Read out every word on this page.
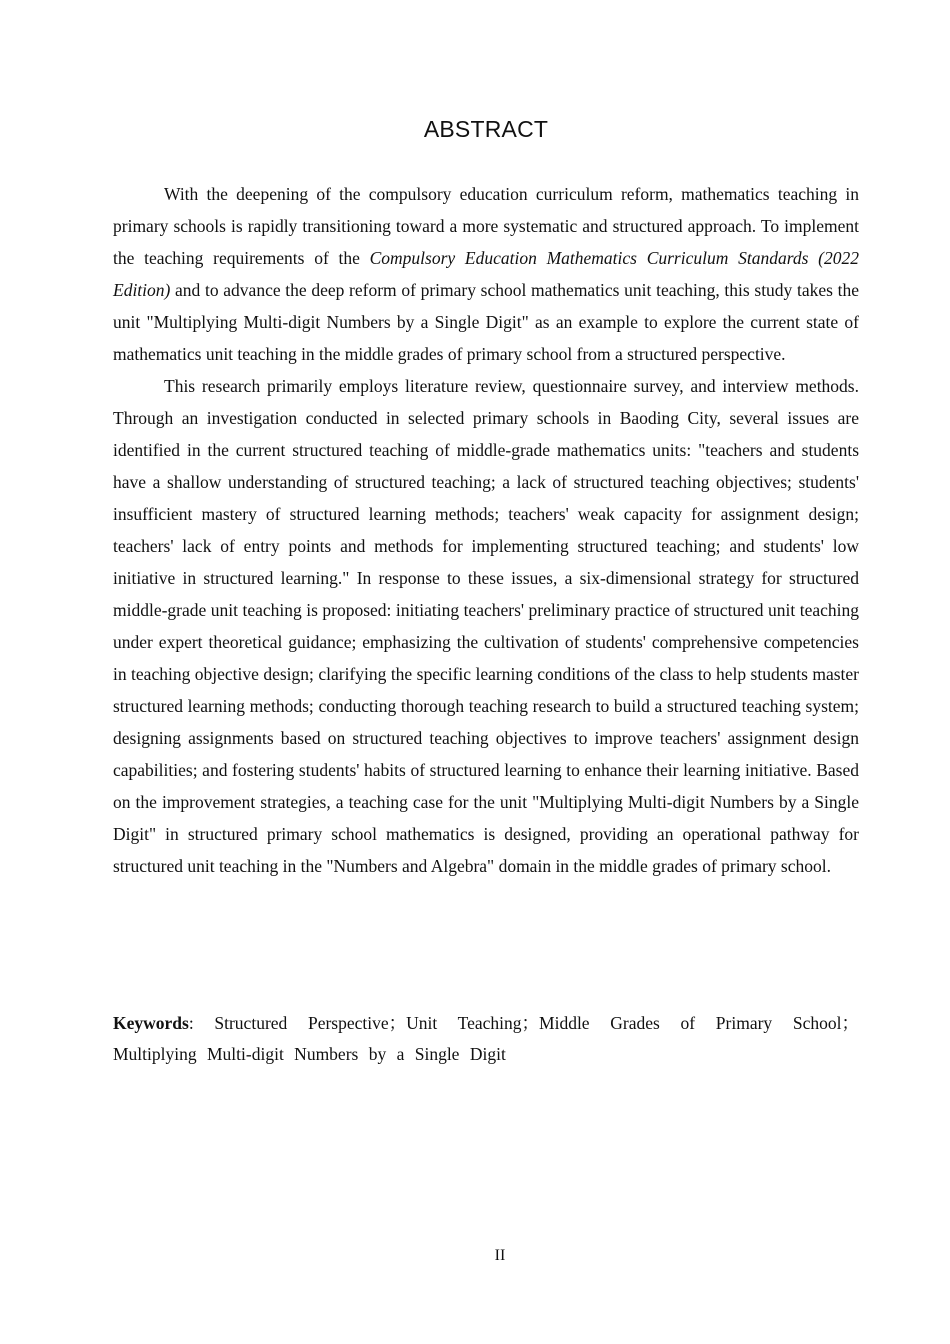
ABSTRACT

With the deepening of the compulsory education curriculum reform, mathematics teaching in primary schools is rapidly transitioning toward a more systematic and structured approach. To implement the teaching requirements of the Compulsory Education Mathematics Curriculum Standards (2022 Edition) and to advance the deep reform of primary school mathematics unit teaching, this study takes the unit "Multiplying Multi-digit Numbers by a Single Digit" as an example to explore the current state of mathematics unit teaching in the middle grades of primary school from a structured perspective.

This research primarily employs literature review, questionnaire survey, and interview methods. Through an investigation conducted in selected primary schools in Baoding City, several issues are identified in the current structured teaching of middle-grade mathematics units: "teachers and students have a shallow understanding of structured teaching; a lack of structured teaching objectives; students' insufficient mastery of structured learning methods; teachers' weak capacity for assignment design; teachers' lack of entry points and methods for implementing structured teaching; and students' low initiative in structured learning." In response to these issues, a six-dimensional strategy for structured middle-grade unit teaching is proposed: initiating teachers' preliminary practice of structured unit teaching under expert theoretical guidance; emphasizing the cultivation of students' comprehensive competencies in teaching objective design; clarifying the specific learning conditions of the class to help students master structured learning methods; conducting thorough teaching research to build a structured teaching system; designing assignments based on structured teaching objectives to improve teachers' assignment design capabilities; and fostering students' habits of structured learning to enhance their learning initiative. Based on the improvement strategies, a teaching case for the unit "Multiplying Multi-digit Numbers by a Single Digit" in structured primary school mathematics is designed, providing an operational pathway for structured unit teaching in the "Numbers and Algebra" domain in the middle grades of primary school.

Keywords: Structured Perspective；Unit Teaching；Middle Grades of Primary School；Multiplying Multi-digit Numbers by a Single Digit
II
